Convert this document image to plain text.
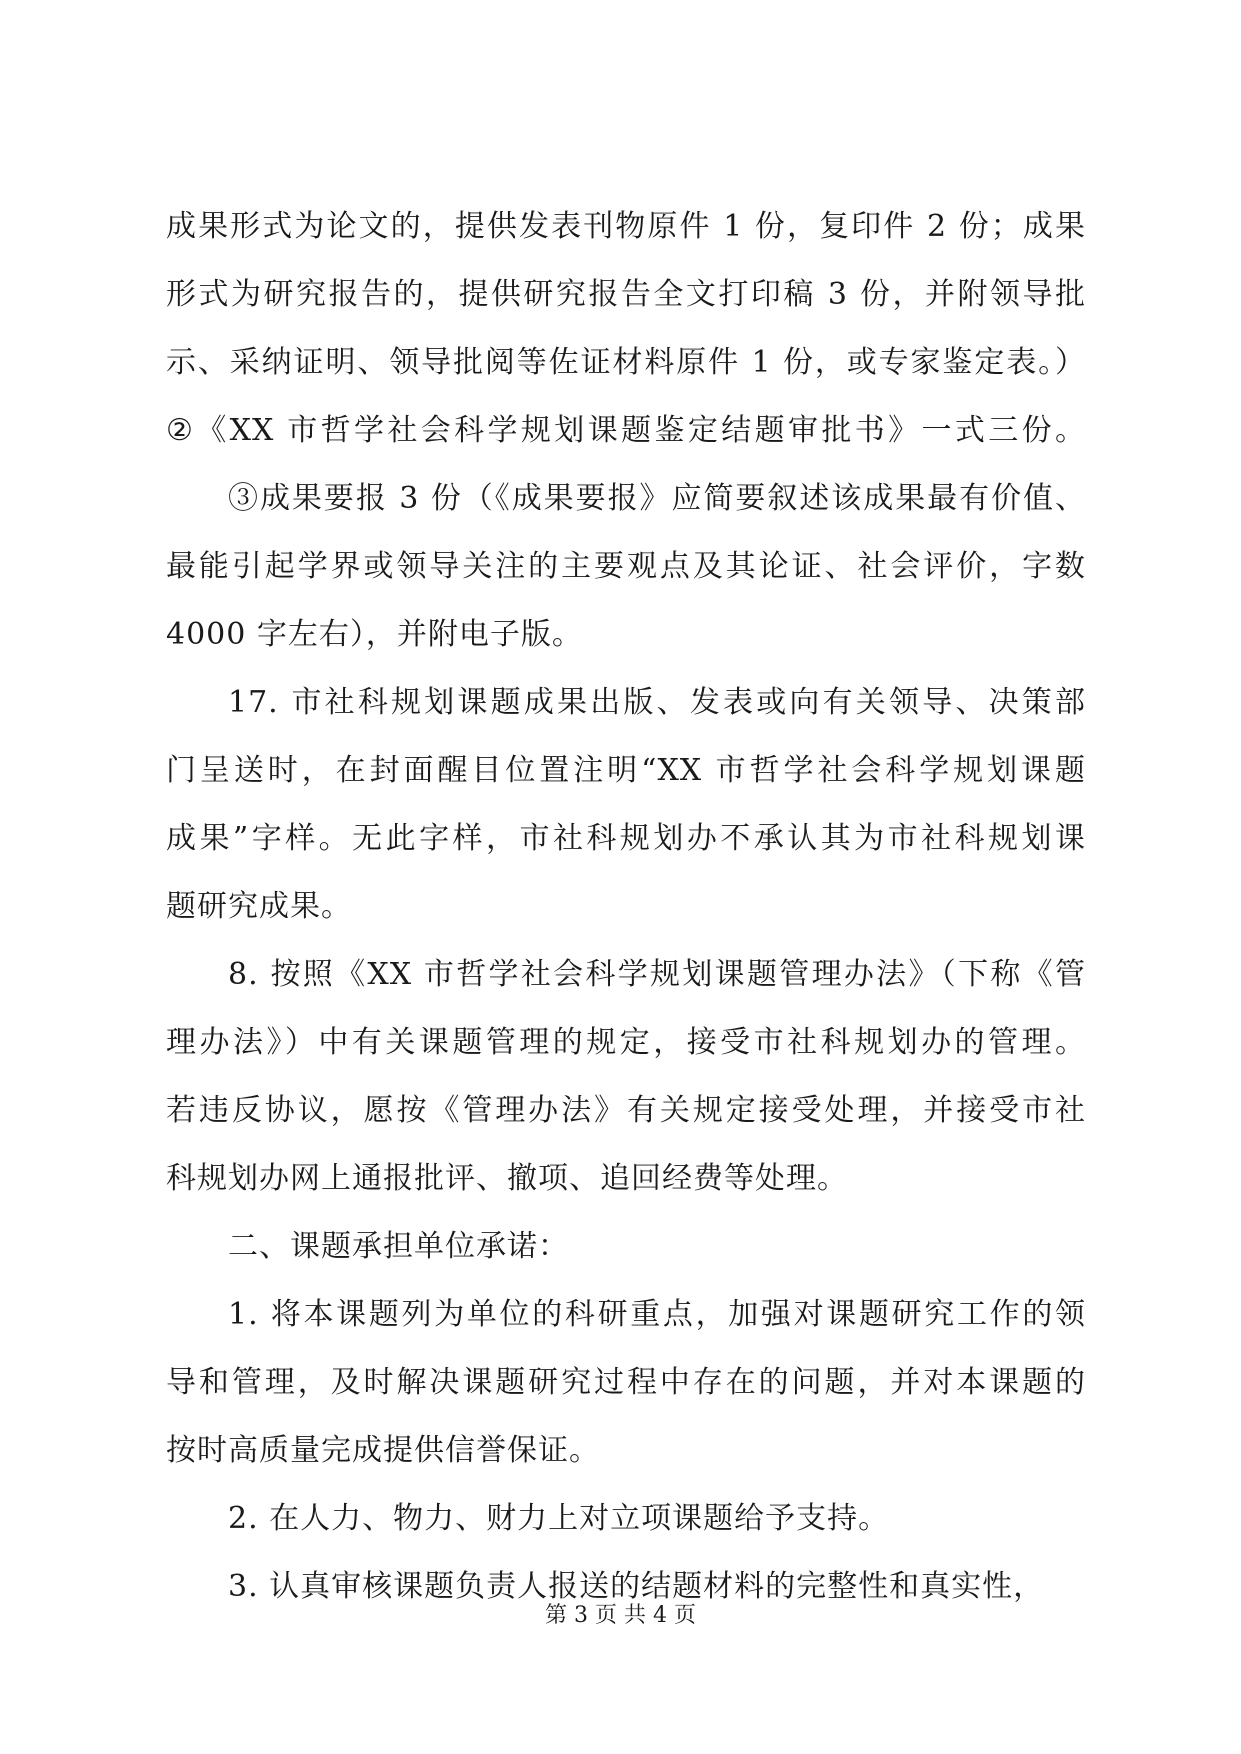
成果形式为论文的，提供发表刊物原件 1 份，复印件 2 份；成果
形式为研究报告的，提供研究报告全文打印稿 3 份，并附领导批
示、采纳证明、领导批阅等佐证材料原件 1 份，或专家鉴定表。）
②《XX 市哲学社会科学规划课题鉴定结题审批书》一式三份。
③成果要报 3 份（《成果要报》应简要叙述该成果最有价值、
最能引起学界或领导关注的主要观点及其论证、社会评价，字数
4000 字左右），并附电子版。
17. 市社科规划课题成果出版、发表或向有关领导、决策部
门呈送时，在封面醒目位置注明“XX 市哲学社会科学规划课题
成果”字样。无此字样，市社科规划办不承认其为市社科规划课
题研究成果。
8. 按照《XX 市哲学社会科学规划课题管理办法》（下称《管
理办法》）中有关课题管理的规定，接受市社科规划办的管理。
若违反协议，愿按《管理办法》有关规定接受处理，并接受市社
科规划办网上通报批评、撤项、追回经费等处理。
二、课题承担单位承诺：
1. 将本课题列为单位的科研重点，加强对课题研究工作的领
导和管理，及时解决课题研究过程中存在的问题，并对本课题的
按时高质量完成提供信誉保证。
2. 在人力、物力、财力上对立项课题给予支持。
3. 认真审核课题负责人报送的结题材料的完整性和真实性，
第 3 页 共 4 页
